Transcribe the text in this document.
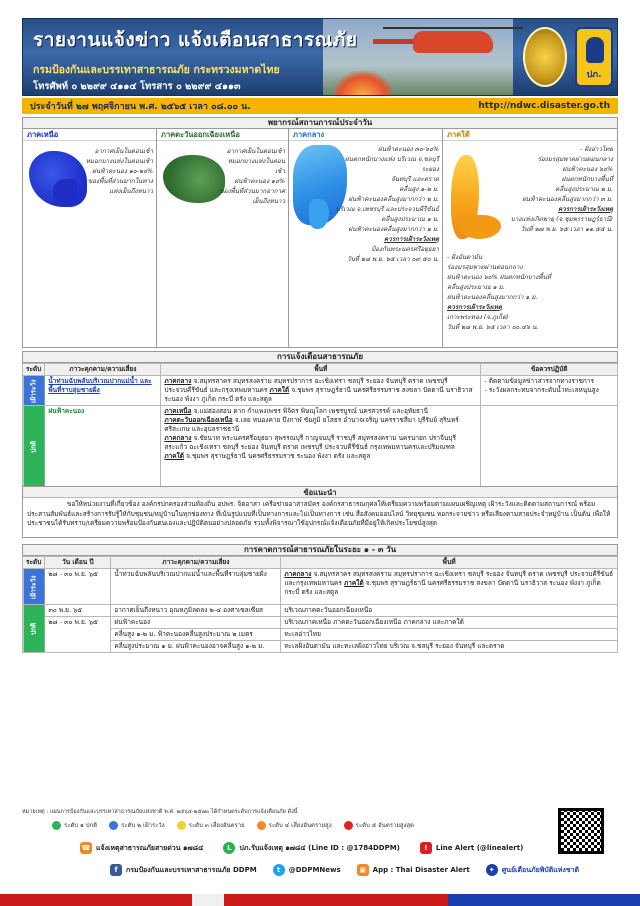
รายงานแจ้งข่าว แจ้งเตือนสาธารณภัย
กรมป้องกันและบรรเทาสาธารณภัย กระทรวงมหาดไทย
โทรศัพท์ ๐ ๒๒๙๙ ๔๑๑๔ โทรสาร ๐ ๒๒๙๙ ๔๑๑๓
ปภ.
ประจำวันที่ ๒๗ พฤศจิกายน พ.ศ. ๒๕๖๕ เวลา ๐๘.๐๐ น.	http://ndwc.disaster.go.th
พยากรณ์สถานการณ์ประจำวัน
ภาคเหนือ
อากาศเย็นในตอนเช้า
หมอกบางแห่งในตอนเช้า
ฝนฟ้าคะนอง ๑๐-๒๐%
ของพื้นที่ส่วนมากในทางแห่งเย็นถึงหนาว
ภาคตะวันออกเฉียงเหนือ
อากาศเย็นในตอนเช้า
หมอกบางแห่งในตอนเช้า
ฝนฟ้าคะนอง ๑๐%
ของพื้นที่ส่วนมากอากาศเย็นถึงหนาว
ภาคกลาง
ฝนฟ้าคะนอง ๓๐-๖๐%
ฝนตกหนักบางแห่ง บริเวณ จ.ชลบุรี ระยอง
จันทบุรี และตราด
คลื่นสูง ๑-๒ ม.
ฝนฟ้าคะนองคลื่นสูงมากกว่า ๒ ม.
บริเวณ จ.เพชรบุรี และประจวบคีรีขันธ์
คลื่นสูงประมาณ ๑ ม.
ฝนฟ้าคะนองคลื่นสูงมากกว่า ๑ ม.
ควรการเฝ้าระวังเหตุ
ป้องกันพระนครศรีอยุธยา
วันที่ ๒๘ พ.ย. ๖๕ เวลา ๐๙.๕๐ น.
ภาคใต้
- ฝั่งอ่าวไทย
ร่องมรสุมพาดผ่านตอนกลาง
ฝนฟ้าคะนอง ๖๐%
ฝนตกหนักบางพื้นที่
คลื่นสูงประมาณ ๒ ม.
ฝนฟ้าคะนองคลื่นสูงมากกว่า ๓ ม.
ควรการเฝ้าระวังเหตุ
บางแห่งเกิดพายุ (จ.ชุมพรราษฎร์ธานี)
วันที่ ๒๗ พ.ย. ๖๕ เวลา ๑๑.๕๕ น.
- ฝั่งอันดามัน
ร่องมรสุมพาดผ่านตอนกลาง
ฝนฟ้าคะนอง ๖๐% ฝนตกหนักบางพื้นที่
คลื่นสูงประมาณ ๑ ม.
ฝนฟ้าคะนองคลื่นสูงมากกว่า ๑ ม.
ควรการเฝ้าระวังเหตุ
เกาะพระทอง (จ.ภูเก็ต)
วันที่ ๒๘ พ.ย. ๖๕ เวลา ๐๐.๔๖ น.
การแจ้งเตือนสาธารณภัย
ระดับ	ภาวะคุกคาม/ความเสี่ยง	พื้นที่	ข้อควรปฏิบัติ
เฝ้าระวัง	น้ำท่วมฉับพลันบริเวณปากแม่น้ำ และพื้นที่ราบลุ่มชายฝั่ง	ภาคกลาง จ.สมุทรสาคร สมุทรสงคราม สมุทรปราการ ฉะเชิงเทรา ชลบุรี ระยอง จันทบุรี ตราด เพชรบุรี ประจวบคีรีขันธ์ และกรุงเทพมหานคร ภาคใต้ จ.ชุมพร สุราษฎร์ธานี นครศรีธรรมราช สงขลา ปัตตานี นราธิวาส ระนอง พังงา ภูเก็ต กระบี่ ตรัง และสตูล	- ติดตามข้อมูลข่าวสารจากทางราชการ
- ระวังผลกระทบจากระดับน้ำทะเลหนุนสูง

ปกติ	ฝนฟ้าคะนอง	ภาคเหนือ จ.แม่ฮ่องสอน ตาก กำแพงเพชร พิจิตร พิษณุโลก เพชรบูรณ์ นครสวรรค์ และอุทัยธานี
ภาคตะวันออกเฉียงเหนือ จ.เลย หนองคาย บึงกาฬ ชัยภูมิ ยโสธร อำนาจเจริญ นครราชสีมา บุรีรัมย์ สุรินทร์ ศรีสะเกษ และอุบลราชธานี
ภาคกลาง จ.ชัยนาท พระนครศรีอยุธยา สุพรรณบุรี กาญจนบุรี ราชบุรี สมุทรสงคราม นครนายก ปราจีนบุรี สระแก้ว ฉะเชิงเทรา ชลบุรี ระยอง จันทบุรี ตราด เพชรบุรี ประจวบคีรีขันธ์ กรุงเทพมหานครและปริมณฑล
ภาคใต้ จ.ชุมพร สุราษฎร์ธานี นครศรีธรรมราช ระนอง พังงา ตรัง และสตูล	

ข้อแนะนำ
ขอให้หน่วยงานที่เกี่ยวข้อง องค์กรปกครองส่วนท้องถิ่น อปพร. จิตอาสา เครือข่ายอาสาสมัคร องค์กรสาธารณกุศลให้เตรียมความพร้อมตามแผนเผชิญเหตุ เฝ้าระวังและติดตามสถานการณ์ พร้อมประสานสัมพันธ์และสร้างการรับรู้ให้กับชุมชน/หมู่บ้านในทุกช่องทาง ที่เน้นรูปแบบที่เป็นทางการและไม่เป็นทางการ เช่น สื่อสังคมออนไลน์ วิทยุชุมชน หอกระจายข่าว หรือเสียงตามสายประจำหมู่บ้าน เป็นต้น เพื่อให้ประชาชนได้รับทราบ/เตรียมความพร้อมป้องกันตนเองและปฏิบัติตนอย่างปลอดภัย รวมทั้งพิจารณาใช้อุปกรณ์แจ้งเตือนภัยที่มีอยู่ให้เกิดประโยชน์สูงสุด
การคาดการณ์สาธารณภัยในระยะ ๑ - ๓ วัน
ระดับ	วัน เดือน ปี	ภาวะคุกคาม/ความเสี่ยง	พื้นที่
เฝ้าระวัง	๒๘ - ๓๐ พ.ย. ๖๕	น้ำท่วมฉับพลันบริเวณปากแม่น้ำและพื้นที่ราบลุ่มชายฝั่ง	ภาคกลาง จ.สมุทรสาคร สมุทรสงคราม สมุทรปราการ ฉะเชิงเทรา ชลบุรี ระยอง จันทบุรี ตราด เพชรบุรี ประจวบคีรีขันธ์ และกรุงเทพมหานคร ภาคใต้ จ.ชุมพร สุราษฎร์ธานี นครศรีธรรมราช สงขลา ปัตตานี นราธิวาส ระนอง พังงา ภูเก็ต กระบี่ ตรัง และสตูล
ปกติ	๓๐ พ.ย. ๖๕	อากาศเย็นถึงหนาว อุณหภูมิลดลง ๒-๔ องศาเซลเซียส	บริเวณภาคตะวันออกเฉียงเหนือ
	๒๘ - ๓๐ พ.ย. ๖๕	ฝนฟ้าคะนอง	บริเวณภาคเหนือ ภาคตะวันออกเฉียงเหนือ ภาคกลาง และภาคใต้
		คลื่นสูง ๑-๒ ม. ฟ้าคะนองคลื่นสูงประมาณ ๒ เมตร	ทะเลอ่าวไทย
		คลื่นสูงประมาณ ๑ ม. ฝนฟ้าคะนองอาจคลื่นสูง ๑-๒ ม.	ทะเลฝั่งอันดามัน และทะเลฝั่งอ่าวไทย บริเวณ จ.ชลบุรี ระยอง จันทบุรี และตราด
หมายเหตุ : แผนการป้องกันและบรรเทาสาธารณภัยแห่งชาติ พ.ศ. ๒๕๖๔-๒๕๗๐ ได้กำหนดระดับการแจ้งเตือนภัย ดังนี้
ระดับ ๑ ปกติ	ระดับ ๒ เฝ้าระวัง	ระดับ ๓ เสี่ยงอันตราย	ระดับ ๔ เสี่ยงอันตรายสูง	ระดับ ๕ อันตรายสูงสุด
☎ แจ้งเหตุสาธารณภัยสายด่วน ๑๗๘๔	L	ปภ.รับแจ้งเหตุ ๑๗๘๔ (Line ID : @1784DDPM)	!	Line Alert (@linealert)
f	กรมป้องกันและบรรเทาสาธารณภัย DDPM	t	@DDPMNews	▣ App : Thai Disaster Alert	✦	ศูนย์เตือนภัยพิบัติแห่งชาติ
